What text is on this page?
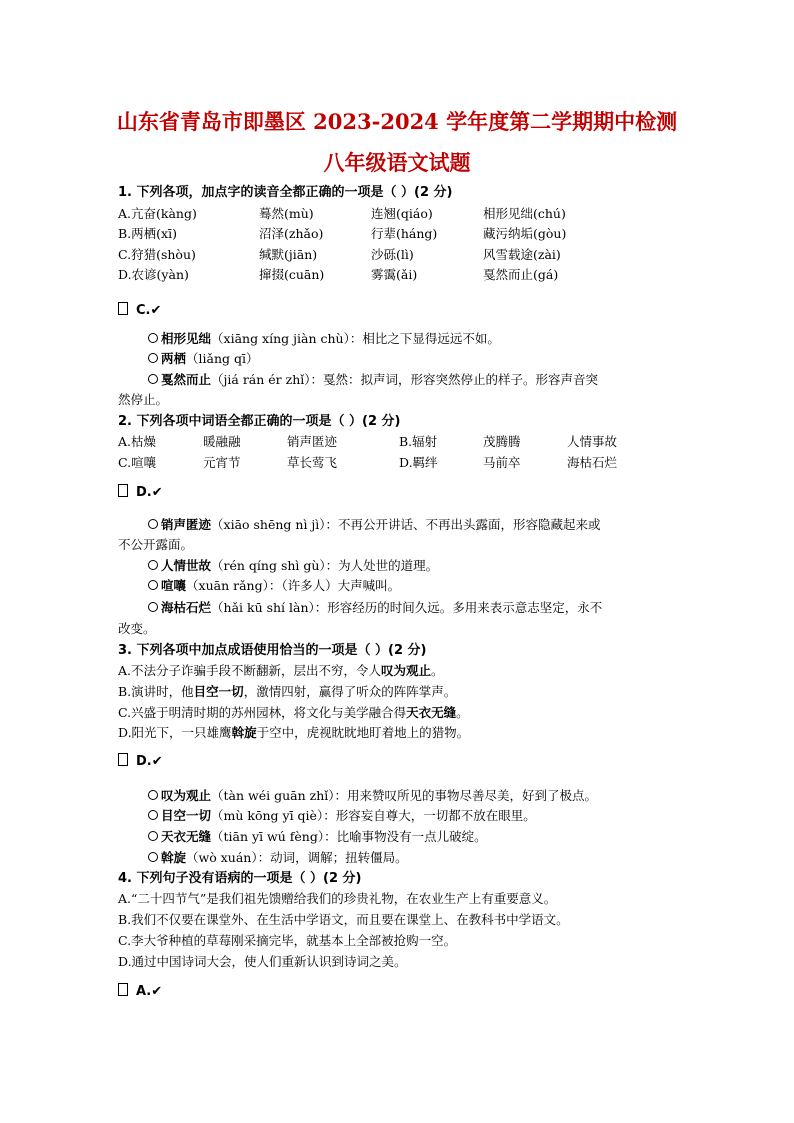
山东省青岛市即墨区 2023-2024 学年度第二学期期中检测
八年级语文试题
1. 下列各项，加点字的读音全都正确的一项是（ ）(2 分)
A.亢奋(kàng)	蓦然(mù)	连翘(qiáo)	相形见绌(chú)
B.两栖(xī)	沼泽(zhǎo)	行辈(háng)	藏污纳垢(gòu)
C.狩猎(shòu)	缄默(jiān)	沙砾(lì)	风雪载途(zài)
D.农谚(yàn)	撺掇(cuān)	雾霭(ǎi)	戛然而止(gá)
C.✔
相形见绌（xiāng xíng jiàn chù）：相比之下显得远远不如。
两栖（liǎng qī）
戛然而止（jiá rán ér zhǐ）：戛然：拟声词，形容突然停止的样子。形容声音突
然停止。
2. 下列各项中词语全都正确的一项是（ ）(2 分)
A.枯燥	暖融融	销声匿迹	B.辐射	茂腾腾	人情事故
C.喧嚷	元宵节	草长莺飞	D.羁绊	马前卒	海枯石烂
D.✔
销声匿迹（xiāo shēng nì jì）：不再公开讲话、不再出头露面，形容隐藏起来或
不公开露面。
人情世故（rén qíng shì gù）：为人处世的道理。
喧嚷（xuān rǎng）：（许多人）大声喊叫。
海枯石烂（hǎi kū shí làn）：形容经历的时间久远。多用来表示意志坚定，永不
改变。
3. 下列各项中加点成语使用恰当的一项是（ ）(2 分)
A.不法分子诈骗手段不断翻新，层出不穷，令人叹为观止。
B.演讲时，他目空一切，激情四射，赢得了听众的阵阵掌声。
C.兴盛于明清时期的苏州园林，将文化与美学融合得天衣无缝。
D.阳光下，一只雄鹰斡旋于空中，虎视眈眈地盯着地上的猎物。
D.✔
叹为观止（tàn wéi guān zhǐ）：用来赞叹所见的事物尽善尽美，好到了极点。
目空一切（mù kōng yī qiè）：形容妄自尊大，一切都不放在眼里。
天衣无缝（tiān yī wú fèng）：比喻事物没有一点儿破绽。
斡旋（wò xuán）：动词，调解；扭转僵局。
4. 下列句子没有语病的一项是（ ）(2 分)
A.“二十四节气”是我们祖先馈赠给我们的珍贵礼物，在农业生产上有重要意义。
B.我们不仅要在课堂外、在生活中学语文，而且要在课堂上、在教科书中学语文。
C.李大爷种植的草莓刚采摘完毕，就基本上全部被抢购一空。
D.通过中国诗词大会，使人们重新认识到诗词之美。
A.✔
